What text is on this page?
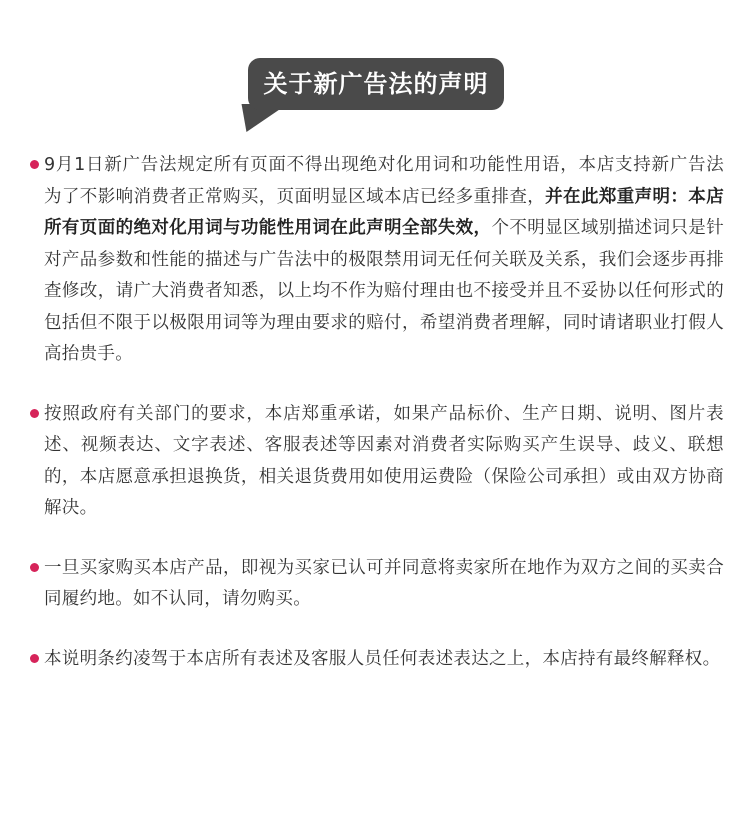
关于新广告法的声明

9月1日新广告法规定所有页面不得出现绝对化用词和功能性用语，本店支持新广告法为了不影响消费者正常购买，页面明显区域本店已经多重排查，并在此郑重声明：本店所有页面的绝对化用词与功能性用词在此声明全部失效，个不明显区域别描述词只是针对产品参数和性能的描述与广告法中的极限禁用词无任何关联及关系，我们会逐步再排查修改，请广大消费者知悉，以上均不作为赔付理由也不接受并且不妥协以任何形式的包括但不限于以极限用词等为理由要求的赔付，希望消费者理解，同时请诸职业打假人高抬贵手。

按照政府有关部门的要求，本店郑重承诺，如果产品标价、生产日期、说明、图片表述、视频表达、文字表述、客服表述等因素对消费者实际购买产生误导、歧义、联想的，本店愿意承担退换货，相关退货费用如使用运费险（保险公司承担）或由双方协商解决。

一旦买家购买本店产品，即视为买家已认可并同意将卖家所在地作为双方之间的买卖合同履约地。如不认同，请勿购买。

本说明条约凌驾于本店所有表述及客服人员任何表述表达之上，本店持有最终解释权。
